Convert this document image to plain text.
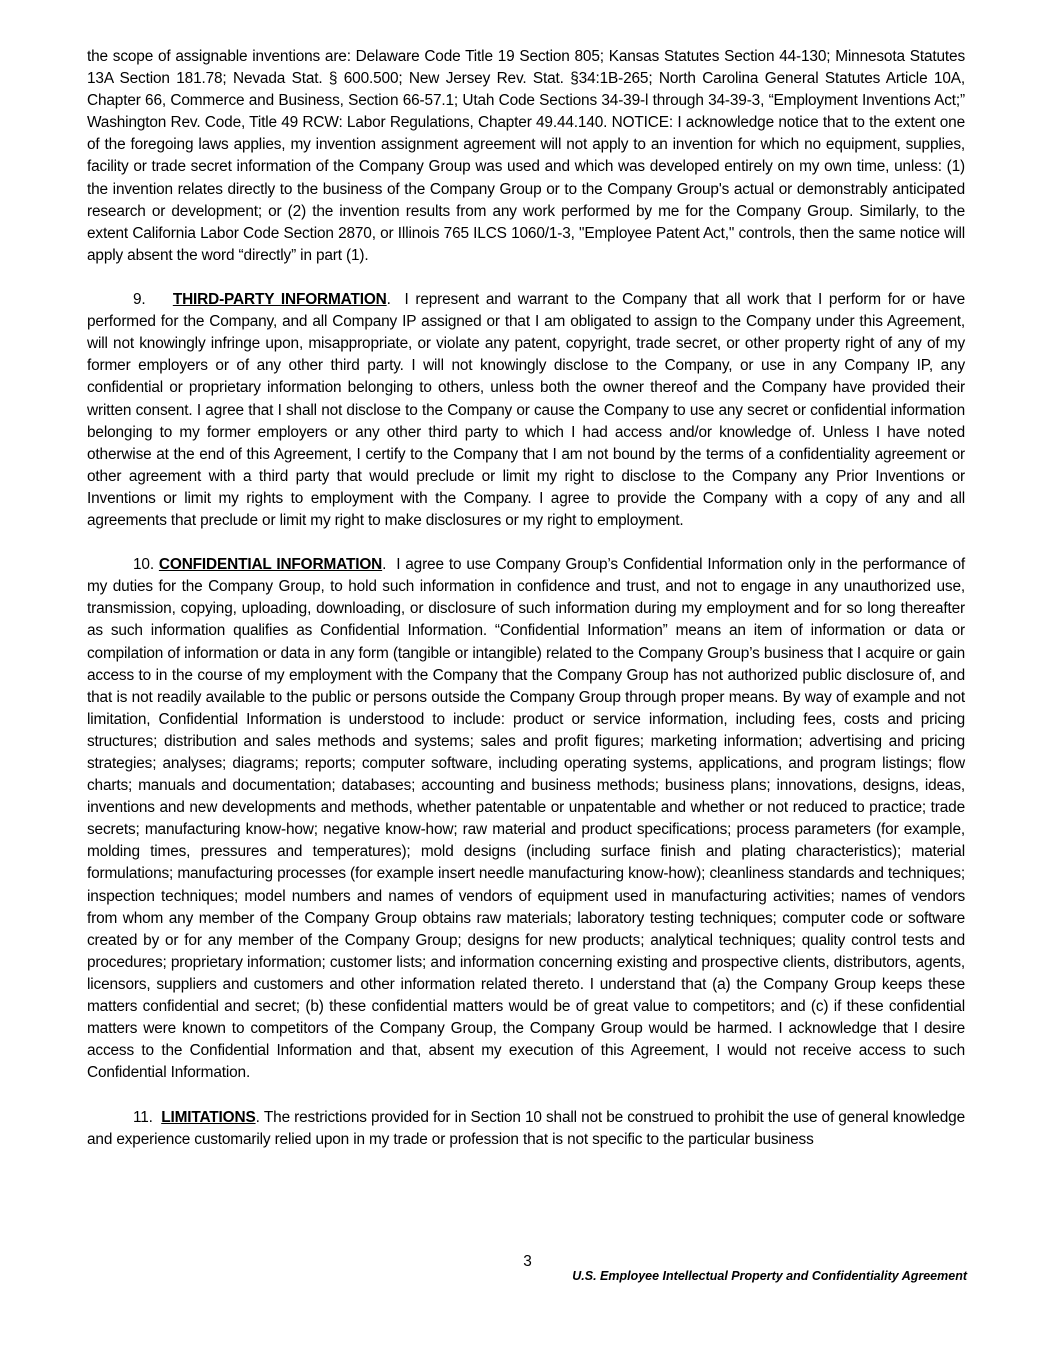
the scope of assignable inventions are: Delaware Code Title 19 Section 805; Kansas Statutes Section 44-130; Minnesota Statutes 13A Section 181.78; Nevada Stat. § 600.500; New Jersey Rev. Stat. §34:1B-265; North Carolina General Statutes Article 10A, Chapter 66, Commerce and Business, Section 66-57.1; Utah Code Sections 34-39-l through 34-39-3, “Employment Inventions Act;” Washington Rev. Code, Title 49 RCW: Labor Regulations, Chapter 49.44.140. NOTICE: I acknowledge notice that to the extent one of the foregoing laws applies, my invention assignment agreement will not apply to an invention for which no equipment, supplies, facility or trade secret information of the Company Group was used and which was developed entirely on my own time, unless: (1) the invention relates directly to the business of the Company Group or to the Company Group's actual or demonstrably anticipated research or development; or (2) the invention results from any work performed by me for the Company Group. Similarly, to the extent California Labor Code Section 2870, or Illinois 765 ILCS 1060/1-3, "Employee Patent Act," controls, then the same notice will apply absent the word “directly” in part (1).

9. THIRD-PARTY INFORMATION. I represent and warrant to the Company that all work that I perform for or have performed for the Company, and all Company IP assigned or that I am obligated to assign to the Company under this Agreement, will not knowingly infringe upon, misappropriate, or violate any patent, copyright, trade secret, or other property right of any of my former employers or of any other third party. I will not knowingly disclose to the Company, or use in any Company IP, any confidential or proprietary information belonging to others, unless both the owner thereof and the Company have provided their written consent. I agree that I shall not disclose to the Company or cause the Company to use any secret or confidential information belonging to my former employers or any other third party to which I had access and/or knowledge of. Unless I have noted otherwise at the end of this Agreement, I certify to the Company that I am not bound by the terms of a confidentiality agreement or other agreement with a third party that would preclude or limit my right to disclose to the Company any Prior Inventions or Inventions or limit my rights to employment with the Company. I agree to provide the Company with a copy of any and all agreements that preclude or limit my right to make disclosures or my right to employment.

10. CONFIDENTIAL INFORMATION. I agree to use Company Group’s Confidential Information only in the performance of my duties for the Company Group, to hold such information in confidence and trust, and not to engage in any unauthorized use, transmission, copying, uploading, downloading, or disclosure of such information during my employment and for so long thereafter as such information qualifies as Confidential Information. “Confidential Information” means an item of information or data or compilation of information or data in any form (tangible or intangible) related to the Company Group’s business that I acquire or gain access to in the course of my employment with the Company that the Company Group has not authorized public disclosure of, and that is not readily available to the public or persons outside the Company Group through proper means. By way of example and not limitation, Confidential Information is understood to include: product or service information, including fees, costs and pricing structures; distribution and sales methods and systems; sales and profit figures; marketing information; advertising and pricing strategies; analyses; diagrams; reports; computer software, including operating systems, applications, and program listings; flow charts; manuals and documentation; databases; accounting and business methods; business plans; innovations, designs, ideas, inventions and new developments and methods, whether patentable or unpatentable and whether or not reduced to practice; trade secrets; manufacturing know-how; negative know-how; raw material and product specifications; process parameters (for example, molding times, pressures and temperatures); mold designs (including surface finish and plating characteristics); material formulations; manufacturing processes (for example insert needle manufacturing know-how); cleanliness standards and techniques; inspection techniques; model numbers and names of vendors of equipment used in manufacturing activities; names of vendors from whom any member of the Company Group obtains raw materials; laboratory testing techniques; computer code or software created by or for any member of the Company Group; designs for new products; analytical techniques; quality control tests and procedures; proprietary information; customer lists; and information concerning existing and prospective clients, distributors, agents, licensors, suppliers and customers and other information related thereto. I understand that (a) the Company Group keeps these matters confidential and secret; (b) these confidential matters would be of great value to competitors; and (c) if these confidential matters were known to competitors of the Company Group, the Company Group would be harmed. I acknowledge that I desire access to the Confidential Information and that, absent my execution of this Agreement, I would not receive access to such Confidential Information.

11. LIMITATIONS. The restrictions provided for in Section 10 shall not be construed to prohibit the use of general knowledge and experience customarily relied upon in my trade or profession that is not specific to the particular business

3
U.S. Employee Intellectual Property and Confidentiality Agreement
